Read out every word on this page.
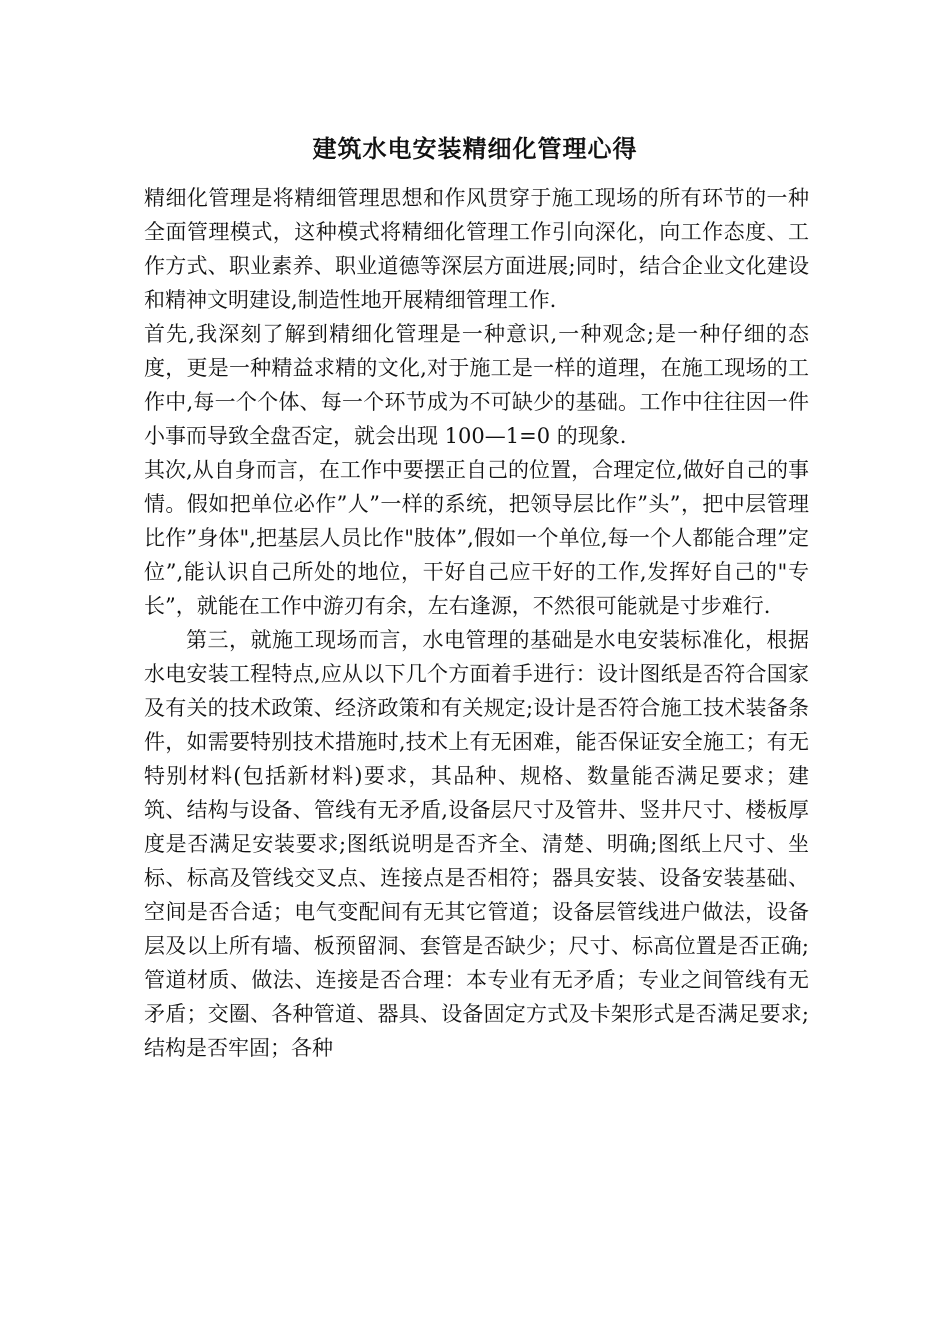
建筑水电安装精细化管理心得

精细化管理是将精细管理思想和作风贯穿于施工现场的所有环节的一种全面管理模式，这种模式将精细化管理工作引向深化，向工作态度、工作方式、职业素养、职业道德等深层方面进展;同时，结合企业文化建设和精神文明建设,制造性地开展精细管理工作.

首先,我深刻了解到精细化管理是一种意识,一种观念;是一种仔细的态度，更是一种精益求精的文化,对于施工是一样的道理，在施工现场的工作中,每一个个体、每一个环节成为不可缺少的基础。工作中往往因一件小事而导致全盘否定，就会出现 100—1=0 的现象.

其次,从自身而言，在工作中要摆正自己的位置，合理定位,做好自己的事情。假如把单位必作”人”一样的系统，把领导层比作”头”，把中层管理比作”身体",把基层人员比作"肢体”,假如一个单位,每一个人都能合理”定位”,能认识自己所处的地位，干好自己应干好的工作,发挥好自己的"专长”，就能在工作中游刃有余，左右逢源，不然很可能就是寸步难行.

第三，就施工现场而言，水电管理的基础是水电安装标准化，根据水电安装工程特点,应从以下几个方面着手进行：设计图纸是否符合国家及有关的技术政策、经济政策和有关规定;设计是否符合施工技术装备条件，如需要特别技术措施时,技术上有无困难，能否保证安全施工；有无特别材料(包括新材料)要求，其品种、规格、数量能否满足要求；建筑、结构与设备、管线有无矛盾,设备层尺寸及管井、竖井尺寸、楼板厚度是否满足安装要求;图纸说明是否齐全、清楚、明确;图纸上尺寸、坐标、标高及管线交叉点、连接点是否相符；器具安装、设备安装基础、空间是否合适；电气变配间有无其它管道；设备层管线进户做法，设备层及以上所有墙、板预留洞、套管是否缺少；尺寸、标高位置是否正确;管道材质、做法、连接是否合理：本专业有无矛盾；专业之间管线有无矛盾；交圈、各种管道、器具、设备固定方式及卡架形式是否满足要求;结构是否牢固；各种
